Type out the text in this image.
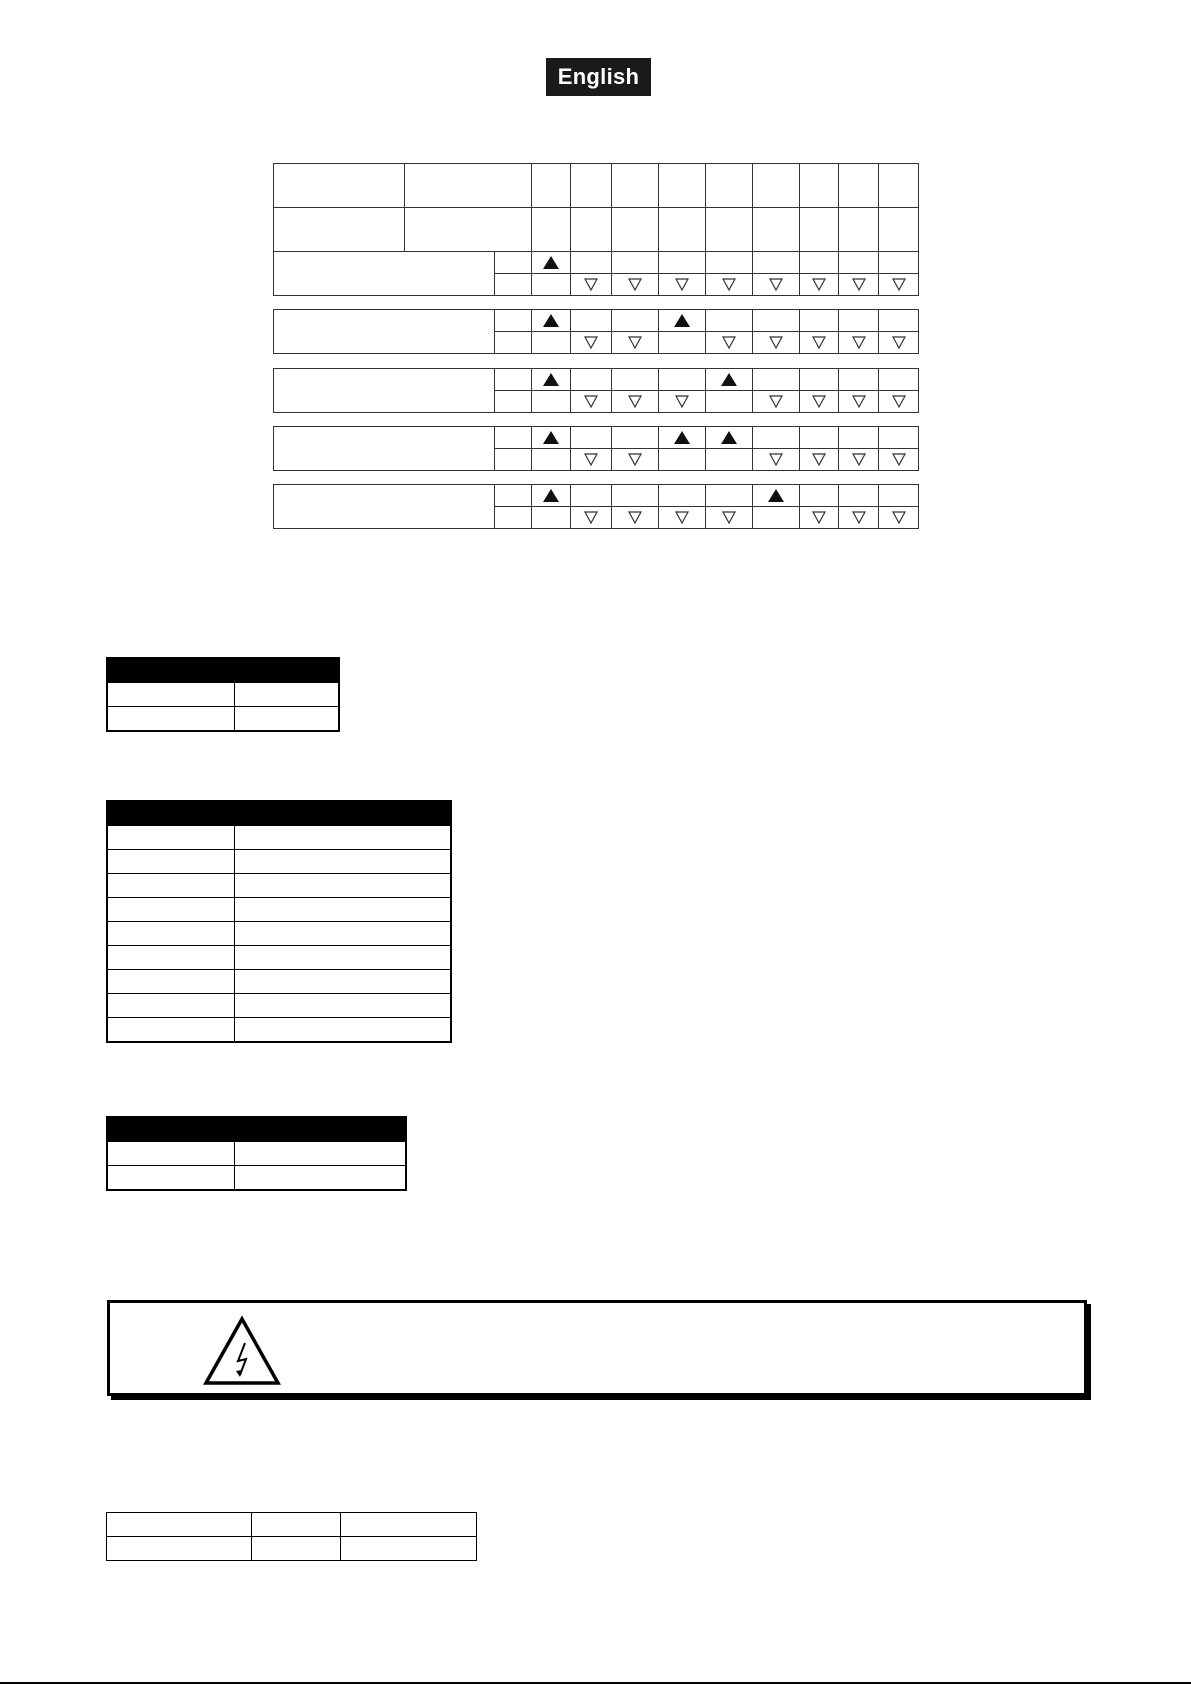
English
